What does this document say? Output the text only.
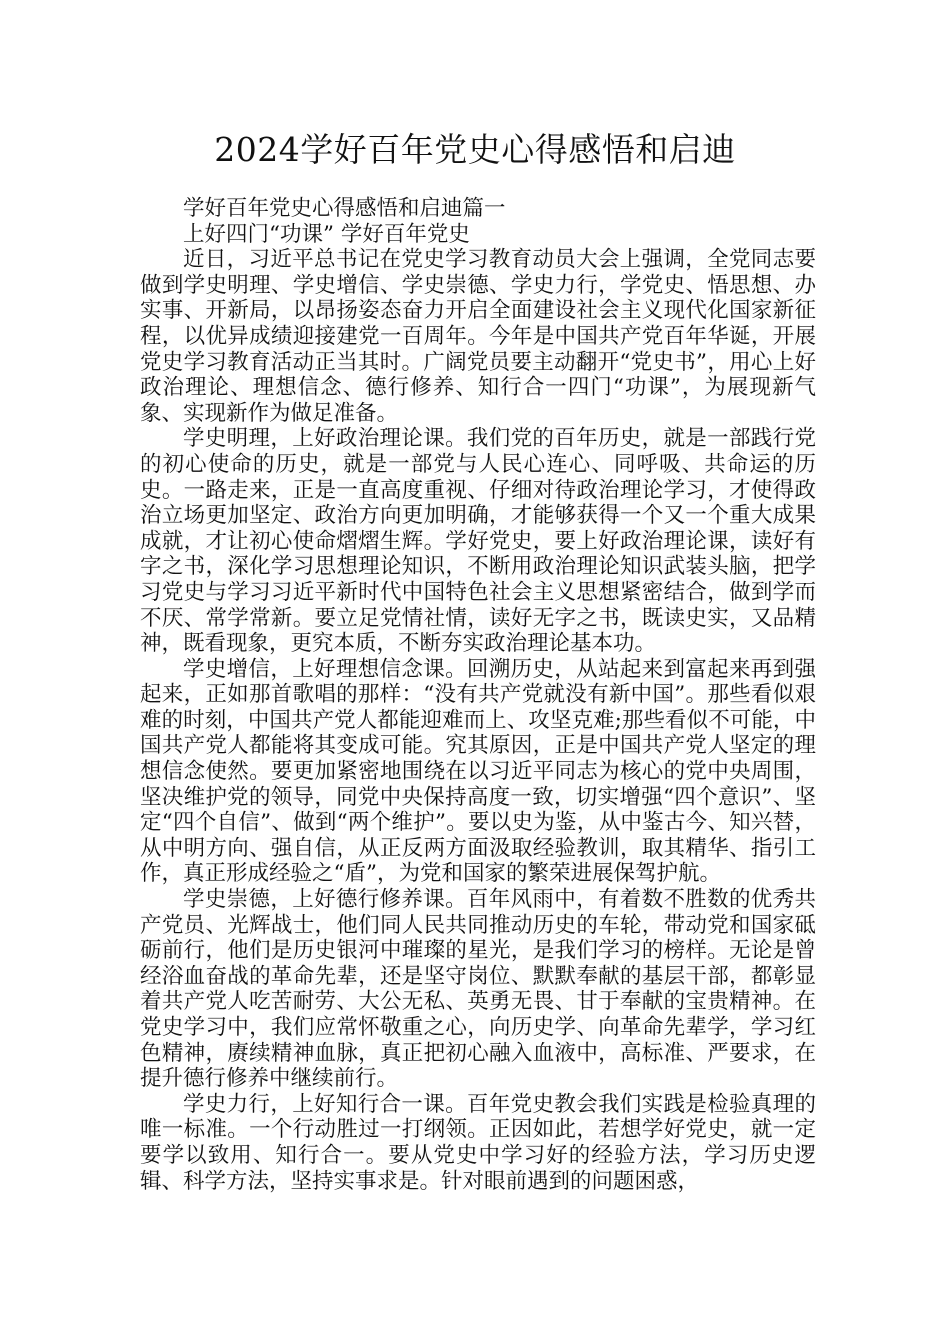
2024学好百年党史心得感悟和启迪

学好百年党史心得感悟和启迪篇一

上好四门“功课” 学好百年党史

近日，习近平总书记在党史学习教育动员大会上强调，全党同志要做到学史明理、学史增信、学史崇德、学史力行，学党史、悟思想、办实事、开新局，以昂扬姿态奋力开启全面建设社会主义现代化国家新征程，以优异成绩迎接建党一百周年。今年是中国共产党百年华诞，开展党史学习教育活动正当其时。广阔党员要主动翻开“党史书”，用心上好政治理论、理想信念、德行修养、知行合一四门“功课”，为展现新气象、实现新作为做足准备。

学史明理，上好政治理论课。我们党的百年历史，就是一部践行党的初心使命的历史，就是一部党与人民心连心、同呼吸、共命运的历史。一路走来，正是一直高度重视、仔细对待政治理论学习，才使得政治立场更加坚定、政治方向更加明确，才能够获得一个又一个重大成果成就，才让初心使命熠熠生辉。学好党史，要上好政治理论课，读好有字之书，深化学习思想理论知识，不断用政治理论知识武装头脑，把学习党史与学习习近平新时代中国特色社会主义思想紧密结合，做到学而不厌、常学常新。要立足党情社情，读好无字之书，既读史实，又品精神，既看现象，更究本质，不断夯实政治理论基本功。

学史增信，上好理想信念课。回溯历史，从站起来到富起来再到强起来，正如那首歌唱的那样：“没有共产党就没有新中国”。那些看似艰难的时刻，中国共产党人都能迎难而上、攻坚克难;那些看似不可能，中国共产党人都能将其变成可能。究其原因，正是中国共产党人坚定的理想信念使然。要更加紧密地围绕在以习近平同志为核心的党中央周围，坚决维护党的领导，同党中央保持高度一致，切实增强“四个意识”、坚定“四个自信”、做到“两个维护”。要以史为鉴，从中鉴古今、知兴替，从中明方向、强自信，从正反两方面汲取经验教训，取其精华、指引工作，真正形成经验之“盾”，为党和国家的繁荣进展保驾护航。

学史崇德，上好德行修养课。百年风雨中，有着数不胜数的优秀共产党员、光辉战士，他们同人民共同推动历史的车轮，带动党和国家砥砺前行，他们是历史银河中璀璨的星光，是我们学习的榜样。无论是曾经浴血奋战的革命先辈，还是坚守岗位、默默奉献的基层干部，都彰显着共产党人吃苦耐劳、大公无私、英勇无畏、甘于奉献的宝贵精神。在党史学习中，我们应常怀敬重之心，向历史学、向革命先辈学，学习红色精神，赓续精神血脉，真正把初心融入血液中，高标准、严要求，在提升德行修养中继续前行。

学史力行，上好知行合一课。百年党史教会我们实践是检验真理的唯一标准。一个行动胜过一打纲领。正因如此，若想学好党史，就一定要学以致用、知行合一。要从党史中学习好的经验方法，学习历史逻辑、科学方法，坚持实事求是。针对眼前遇到的问题困惑，
